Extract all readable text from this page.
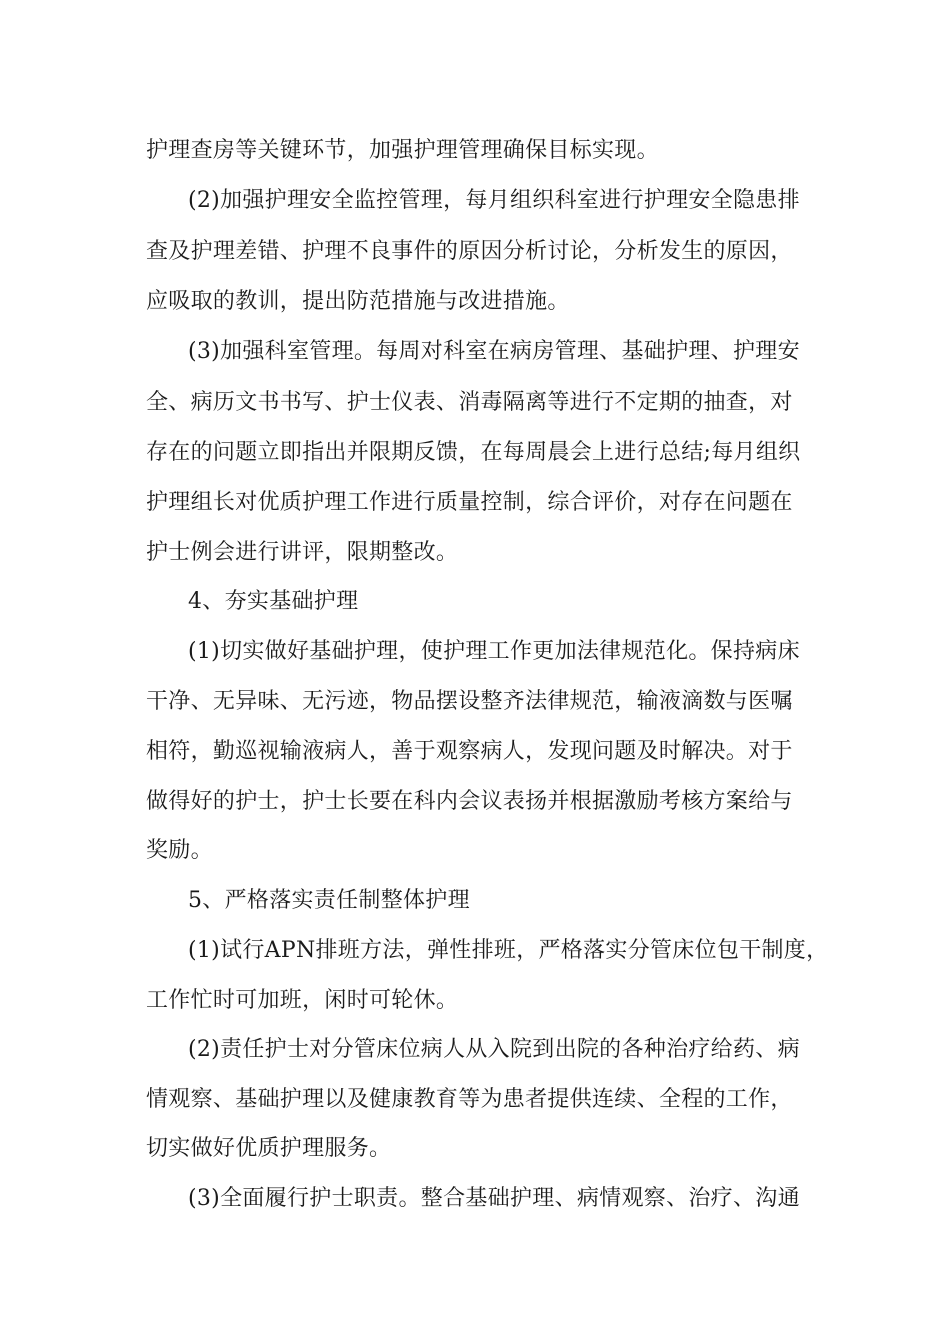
护理查房等关键环节，加强护理管理确保目标实现。

(2)加强护理安全监控管理，每月组织科室进行护理安全隐患排

查及护理差错、护理不良事件的原因分析讨论，分析发生的原因，

应吸取的教训，提出防范措施与改进措施。

(3)加强科室管理。每周对科室在病房管理、基础护理、护理安

全、病历文书书写、护士仪表、消毒隔离等进行不定期的抽查，对

存在的问题立即指出并限期反馈，在每周晨会上进行总结;每月组织

护理组长对优质护理工作进行质量控制，综合评价，对存在问题在

护士例会进行讲评，限期整改。

4、夯实基础护理

(1)切实做好基础护理，使护理工作更加法律规范化。保持病床

干净、无异味、无污迹，物品摆设整齐法律规范，输液滴数与医嘱

相符，勤巡视输液病人，善于观察病人，发现问题及时解决。对于

做得好的护士，护士长要在科内会议表扬并根据激励考核方案给与

奖励。

5、严格落实责任制整体护理

(1)试行APN排班方法，弹性排班，严格落实分管床位包干制度，

工作忙时可加班，闲时可轮休。

(2)责任护士对分管床位病人从入院到出院的各种治疗给药、病

情观察、基础护理以及健康教育等为患者提供连续、全程的工作，

切实做好优质护理服务。

(3)全面履行护士职责。整合基础护理、病情观察、治疗、沟通
